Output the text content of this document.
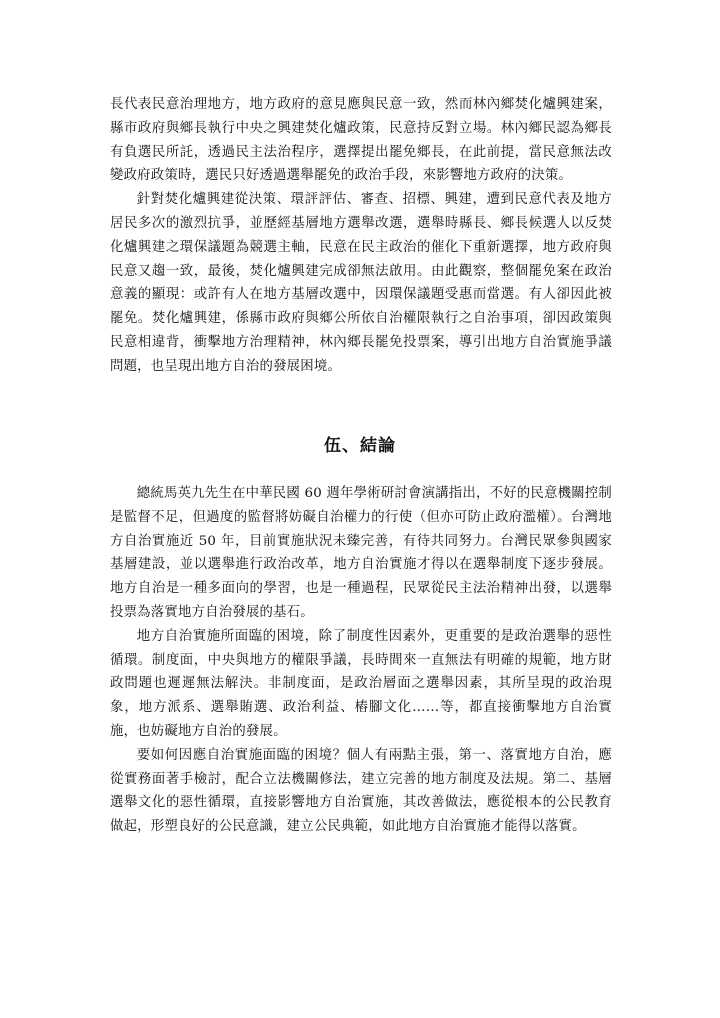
長代表民意治理地方，地方政府的意見應與民意一致，然而林內鄉焚化爐興建案，縣市政府與鄉長執行中央之興建焚化爐政策，民意持反對立場。林內鄉民認為鄉長有負選民所託，透過民主法治程序，選擇提出罷免鄉長，在此前提，當民意無法改變政府政策時，選民只好透過選舉罷免的政治手段，來影響地方政府的決策。

針對焚化爐興建從決策、環評評估、審查、招標、興建，遭到民意代表及地方居民多次的激烈抗爭，並歷經基層地方選舉改選，選舉時縣長、鄉長候選人以反焚化爐興建之環保議題為競選主軸，民意在民主政治的催化下重新選擇，地方政府與民意又趨一致，最後，焚化爐興建完成卻無法啟用。由此觀察，整個罷免案在政治意義的顯現：或許有人在地方基層改選中，因環保議題受惠而當選。有人卻因此被罷免。焚化爐興建，係縣市政府與鄉公所依自治權限執行之自治事項，卻因政策與民意相違背，衝擊地方治理精神，林內鄉長罷免投票案，導引出地方自治實施爭議問題，也呈現出地方自治的發展困境。

伍、結論

總統馬英九先生在中華民國 60 週年學術研討會演講指出，不好的民意機關控制是監督不足，但過度的監督將妨礙自治權力的行使（但亦可防止政府濫權）。台灣地方自治實施近 50 年，目前實施狀況未臻完善，有待共同努力。台灣民眾參與國家基層建設，並以選舉進行政治改革，地方自治實施才得以在選舉制度下逐步發展。地方自治是一種多面向的學習，也是一種過程，民眾從民主法治精神出發，以選舉投票為落實地方自治發展的基石。

地方自治實施所面臨的困境，除了制度性因素外，更重要的是政治選舉的惡性循環。制度面，中央與地方的權限爭議，長時間來一直無法有明確的規範，地方財政問題也遲遲無法解決。非制度面，是政治層面之選舉因素，其所呈現的政治現象，地方派系、選舉賄選、政治利益、樁腳文化……等，都直接衝擊地方自治實施，也妨礙地方自治的發展。

要如何因應自治實施面臨的困境？個人有兩點主張，第一、落實地方自治，應從實務面著手檢討，配合立法機關修法，建立完善的地方制度及法規。第二、基層選舉文化的惡性循環，直接影響地方自治實施，其改善做法，應從根本的公民教育做起，形塑良好的公民意識，建立公民典範，如此地方自治實施才能得以落實。
